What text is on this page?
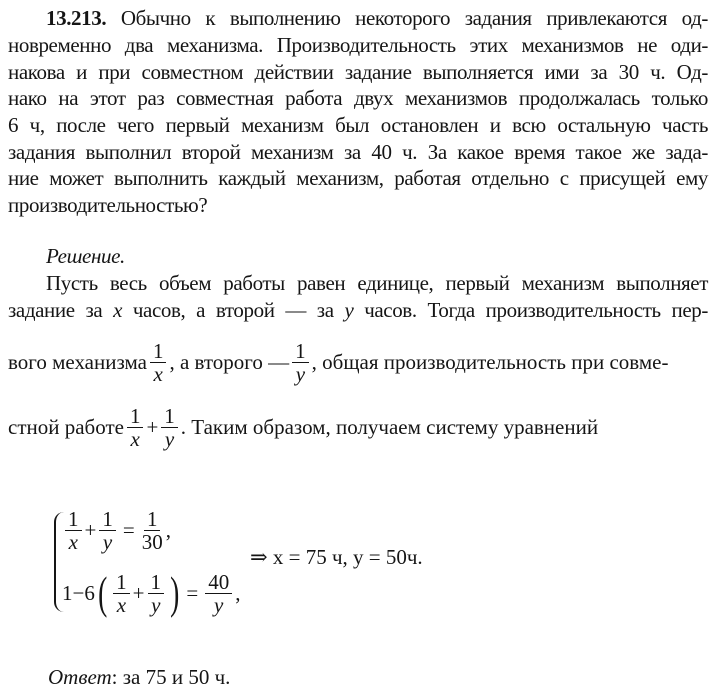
13.213. Обычно к выполнению некоторого задания привлекаются од-
новременно два механизма. Производительность этих механизмов не оди-
накова и при совместном действии задание выполняется ими за 30 ч. Од-
нако на этот раз совместная работа двух механизмов продолжалась только
6 ч, после чего первый механизм был остановлен и всю остальную часть
задания выполнил второй механизм за 40 ч. За какое время такое же зада-
ние может выполнить каждый механизм, работая отдельно с присущей ему
производительностью?
Решение.
Пусть весь объем работы равен единице, первый механизм выполняет
задание за x часов, а второй — за y часов. Тогда производительность пер-
вого механизма $\frac{1}{x}$ , а второго — $\frac{1}{y}$ , общая производительность при совме-
стной работе $\frac{1}{x} + \frac{1}{y}$ . Таким образом, получаем систему уравнений
$\frac{1}{x} + \frac{1}{y} = \frac{1}{30}$ ,
1−6 ( $\frac{1}{x} + \frac{1}{y}$ ) = $\frac{40}{y}$ ,
⇒ x = 75 ч, y = 50ч.
Ответ: за 75 и 50 ч.
